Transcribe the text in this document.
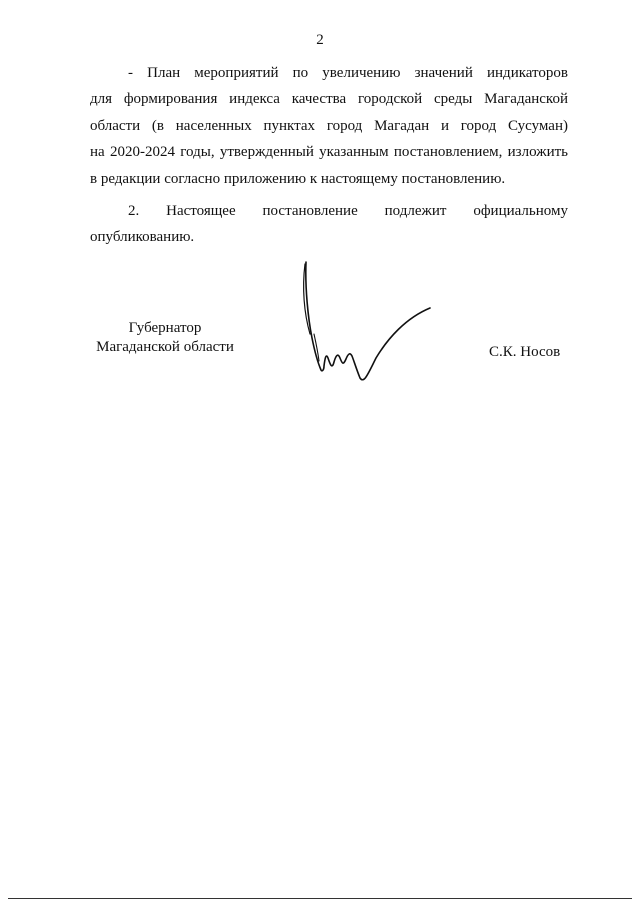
2

- План мероприятий по увеличению значений индикаторов
для формирования индекса качества городской среды Магаданской
области (в населенных пунктах город Магадан и город Сусуман)
на 2020-2024 годы, утвержденный указанным постановлением, изложить
в редакции согласно приложению к настоящему постановлению.

2. Настоящее постановление подлежит официальному
опубликованию.

Губернатор
Магаданской области	С.К. Носов
